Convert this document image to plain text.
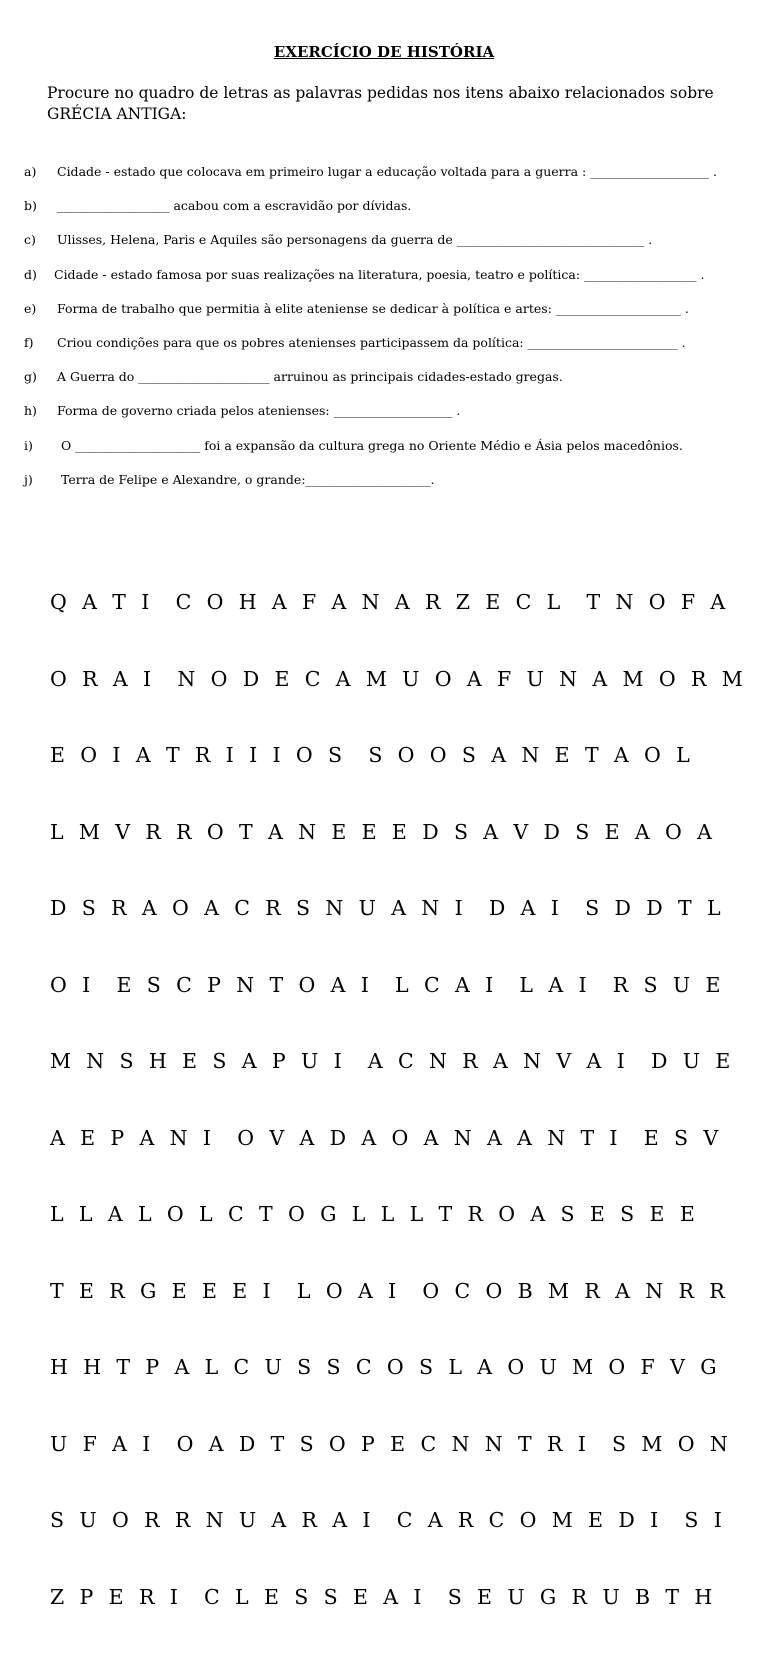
EXERCÍCIO DE HISTÓRIA
Procure no quadro de letras as palavras pedidas nos itens abaixo relacionados sobre GRÉCIA ANTIGA:
a) Cidade - estado que colocava em primeiro lugar a educação voltada para a guerra : ___________________ .
b) __________________ acabou com a escravidão por dívidas.
c) Ulisses, Helena, Paris e Aquiles são personagens da guerra de ______________________________ .
d) Cidade - estado famosa por suas realizações na literatura, poesia, teatro e política: __________________ .
e) Forma de trabalho que permitia à elite ateniense se dedicar à política e artes: ____________________ .
f) Criou condições para que os pobres atenienses participassem da política: ________________________ .
g) A Guerra do _____________________ arruinou as principais cidades-estado gregas.
h) Forma de governo criada pelos atenienses: ___________________ .
i) O ____________________ foi a expansão da cultura grega no Oriente Médio e Ásia pelos macedônios.
j) Terra de Felipe e Alexandre, o grande:____________________.

Q A T I  C O H A F A N A R Z E C L  T N O F A

O R A I  N O D E C A M U O A F U N A M O R M

E O I A T R I I I O S  S O O S A N E T A O L

L M V R R O T A N E E E D S A V D S E A O A

D S R A O A C R S N U A N I  D A I  S D D T L

O I  E S C P N T O A I  L C A I  L A I  R S U E

M N S H E S A P U I  A C N R A N V A I  D U E

A E P A N I  O V A D A O A N A A N T I  E S V

L L A L O L C T O G L L L T R O A S E S E E

T E R G E E E I  L O A I  O C O B M R A N R R

H H T P A L C U S S C O S L A O U M O F V G

U F A I  O A D T S O P E C N N T R I  S M O N

S U O R R N U A R A I  C A R C O M E D I  S I

Z P E R I  C L E S S E A I  S E U G R U B T H
